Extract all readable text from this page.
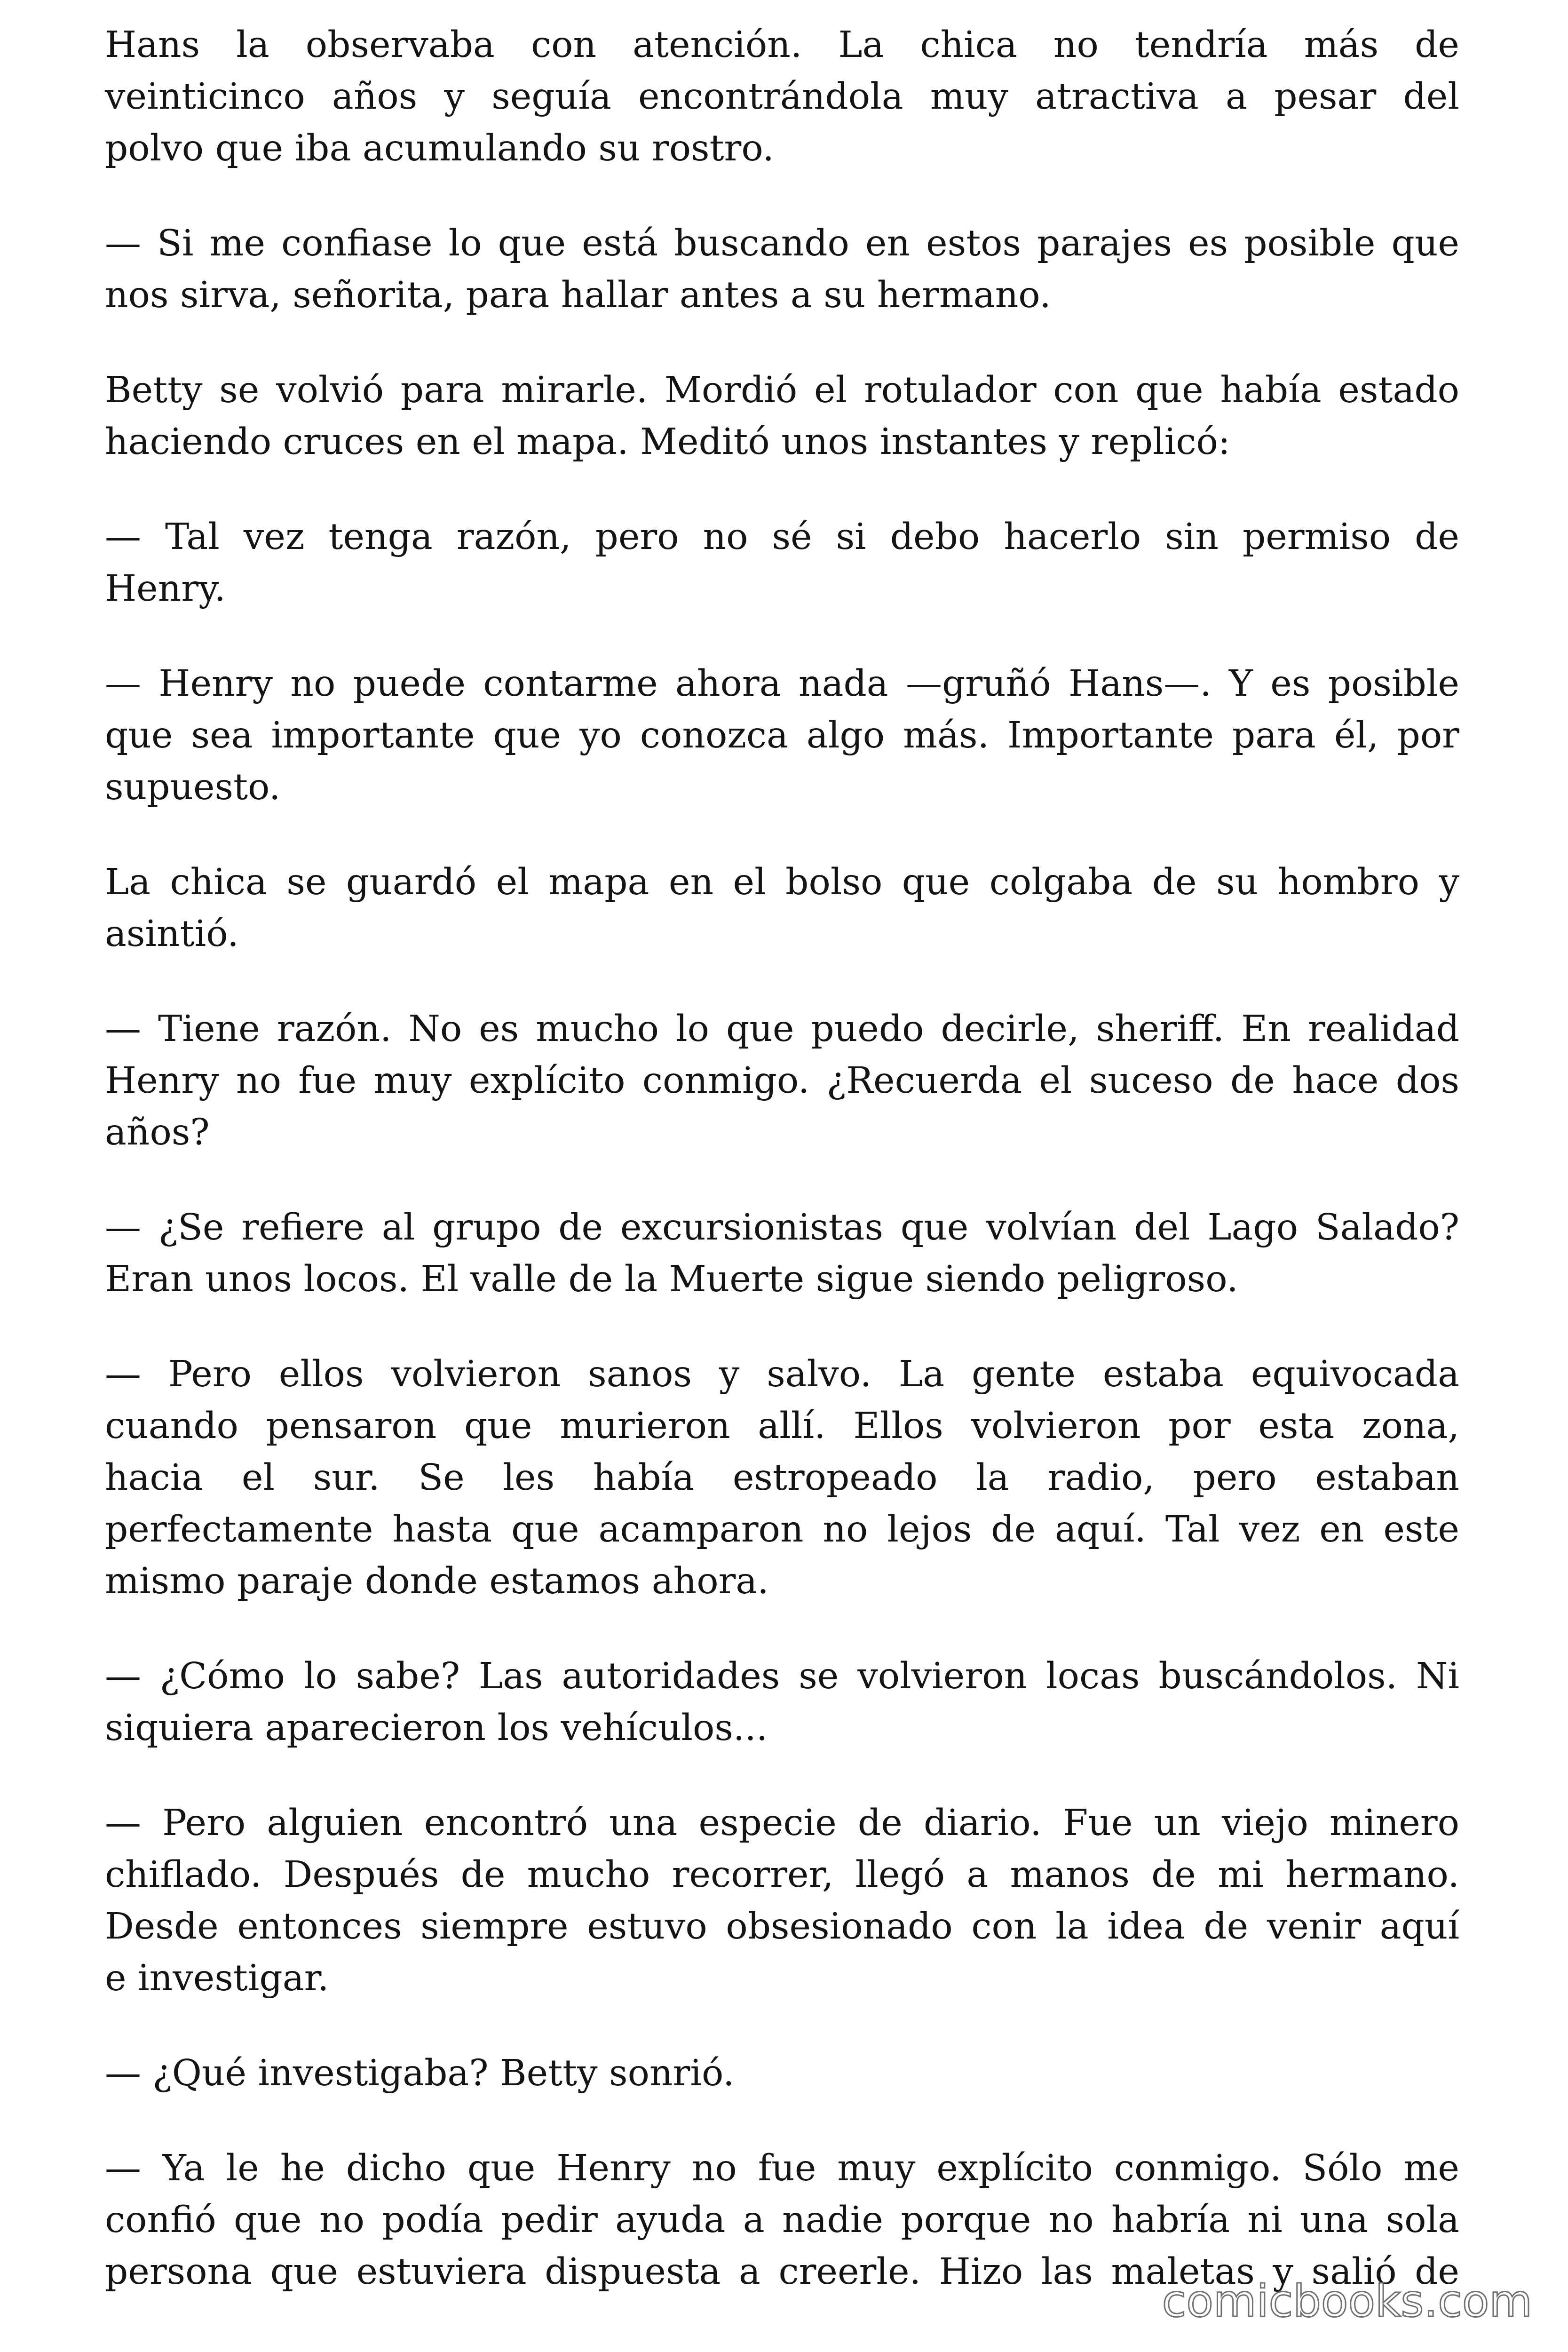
Hans la observaba con atención. La chica no tendría más de
veinticinco años y seguía encontrándola muy atractiva a pesar del
polvo que iba acumulando su rostro.

— Si me confiase lo que está buscando en estos parajes es posible que
nos sirva, señorita, para hallar antes a su hermano.

Betty se volvió para mirarle. Mordió el rotulador con que había estado
haciendo cruces en el mapa. Meditó unos instantes y replicó:

— Tal vez tenga razón, pero no sé si debo hacerlo sin permiso de
Henry.

— Henry no puede contarme ahora nada —gruñó Hans—. Y es posible
que sea importante que yo conozca algo más. Importante para él, por
supuesto.

La chica se guardó el mapa en el bolso que colgaba de su hombro y
asintió.

— Tiene razón. No es mucho lo que puedo decirle, sheriff. En realidad
Henry no fue muy explícito conmigo. ¿Recuerda el suceso de hace dos
años?

— ¿Se refiere al grupo de excursionistas que volvían del Lago Salado?
Eran unos locos. El valle de la Muerte sigue siendo peligroso.

— Pero ellos volvieron sanos y salvo. La gente estaba equivocada
cuando pensaron que murieron allí. Ellos volvieron por esta zona,
hacia el sur. Se les había estropeado la radio, pero estaban
perfectamente hasta que acamparon no lejos de aquí. Tal vez en este
mismo paraje donde estamos ahora.

— ¿Cómo lo sabe? Las autoridades se volvieron locas buscándolos. Ni
siquiera aparecieron los vehículos...

— Pero alguien encontró una especie de diario. Fue un viejo minero
chiflado. Después de mucho recorrer, llegó a manos de mi hermano.
Desde entonces siempre estuvo obsesionado con la idea de venir aquí
e investigar.

— ¿Qué investigaba? Betty sonrió.

— Ya le he dicho que Henry no fue muy explícito conmigo. Sólo me
confió que no podía pedir ayuda a nadie porque no habría ni una sola
persona que estuviera dispuesta a creerle. Hizo las maletas y salió de

comicbooks.com
